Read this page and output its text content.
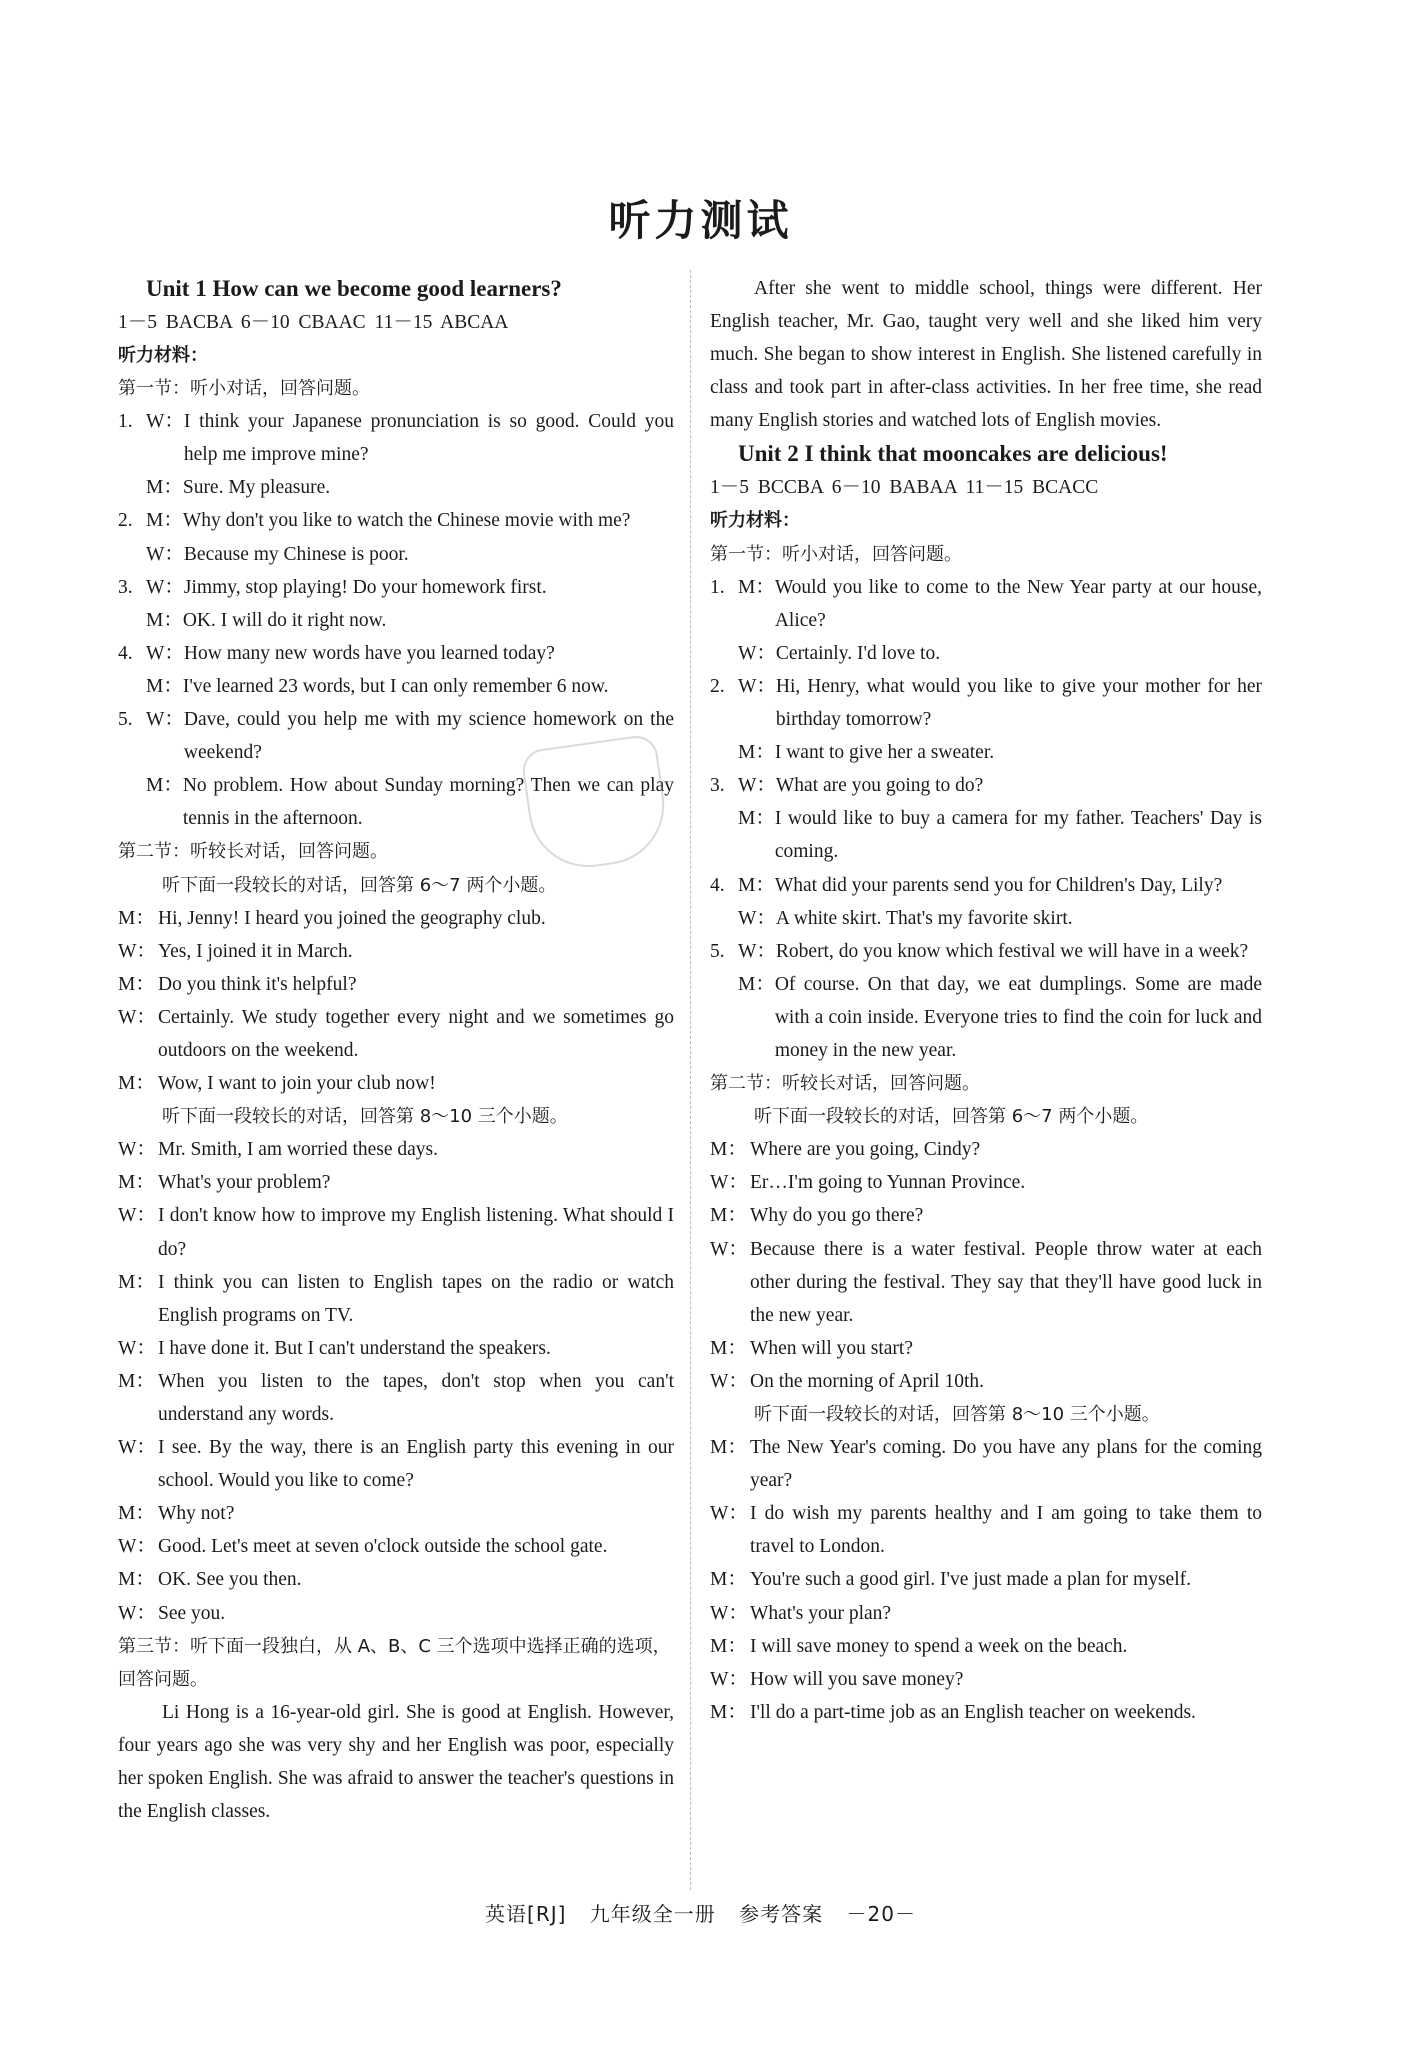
听力测试
Unit 1 How can we become good learners?
1－5 BACBA 6－10 CBAAC 11－15 ABCAA
听力材料：
第一节：听小对话，回答问题。
1. W： I think your Japanese pronunciation is so good. Could you help me improve mine?
M： Sure. My pleasure.
2. M： Why don't you like to watch the Chinese movie with me?
W： Because my Chinese is poor.
3. W： Jimmy, stop playing! Do your homework first.
M： OK. I will do it right now.
4. W： How many new words have you learned today?
M： I've learned 23 words, but I can only remember 6 now.
5. W： Dave, could you help me with my science homework on the weekend?
M： No problem. How about Sunday morning? Then we can play tennis in the afternoon.
第二节：听较长对话，回答问题。
听下面一段较长的对话，回答第 6～7 两个小题。
M： Hi, Jenny! I heard you joined the geography club.
W： Yes, I joined it in March.
M： Do you think it's helpful?
W： Certainly. We study together every night and we sometimes go outdoors on the weekend.
M： Wow, I want to join your club now!
听下面一段较长的对话，回答第 8～10 三个小题。
W： Mr. Smith, I am worried these days.
M： What's your problem?
W： I don't know how to improve my English listening. What should I do?
M： I think you can listen to English tapes on the radio or watch English programs on TV.
W： I have done it. But I can't understand the speakers.
M： When you listen to the tapes, don't stop when you can't understand any words.
W： I see. By the way, there is an English party this evening in our school. Would you like to come?
M： Why not?
W： Good. Let's meet at seven o'clock outside the school gate.
M： OK. See you then.
W： See you.
第三节：听下面一段独白，从 A、B、C 三个选项中选择正确的选项，回答问题。
Li Hong is a 16-year-old girl. She is good at English. However, four years ago she was very shy and her English was poor, especially her spoken English. She was afraid to answer the teacher's questions in the English classes.
After she went to middle school, things were different. Her English teacher, Mr. Gao, taught very well and she liked him very much. She began to show interest in English. She listened carefully in class and took part in after-class activities. In her free time, she read many English stories and watched lots of English movies.
Unit 2 I think that mooncakes are delicious!
1－5 BCCBA 6－10 BABAA 11－15 BCACC
听力材料：
第一节：听小对话，回答问题。
1. M： Would you like to come to the New Year party at our house, Alice?
W： Certainly. I'd love to.
2. W： Hi, Henry, what would you like to give your mother for her birthday tomorrow?
M： I want to give her a sweater.
3. W： What are you going to do?
M： I would like to buy a camera for my father. Teachers' Day is coming.
4. M： What did your parents send you for Children's Day, Lily?
W： A white skirt. That's my favorite skirt.
5. W： Robert, do you know which festival we will have in a week?
M： Of course. On that day, we eat dumplings. Some are made with a coin inside. Everyone tries to find the coin for luck and money in the new year.
第二节：听较长对话，回答问题。
听下面一段较长的对话，回答第 6～7 两个小题。
M： Where are you going, Cindy?
W： Er…I'm going to Yunnan Province.
M： Why do you go there?
W： Because there is a water festival. People throw water at each other during the festival. They say that they'll have good luck in the new year.
M： When will you start?
W： On the morning of April 10th.
听下面一段较长的对话，回答第 8～10 三个小题。
M： The New Year's coming. Do you have any plans for the coming year?
W： I do wish my parents healthy and I am going to take them to travel to London.
M： You're such a good girl. I've just made a plan for myself.
W： What's your plan?
M： I will save money to spend a week on the beach.
W： How will you save money?
M： I'll do a part-time job as an English teacher on weekends.
​
英语[RJ] 九年级全一册 参考答案 －20－
